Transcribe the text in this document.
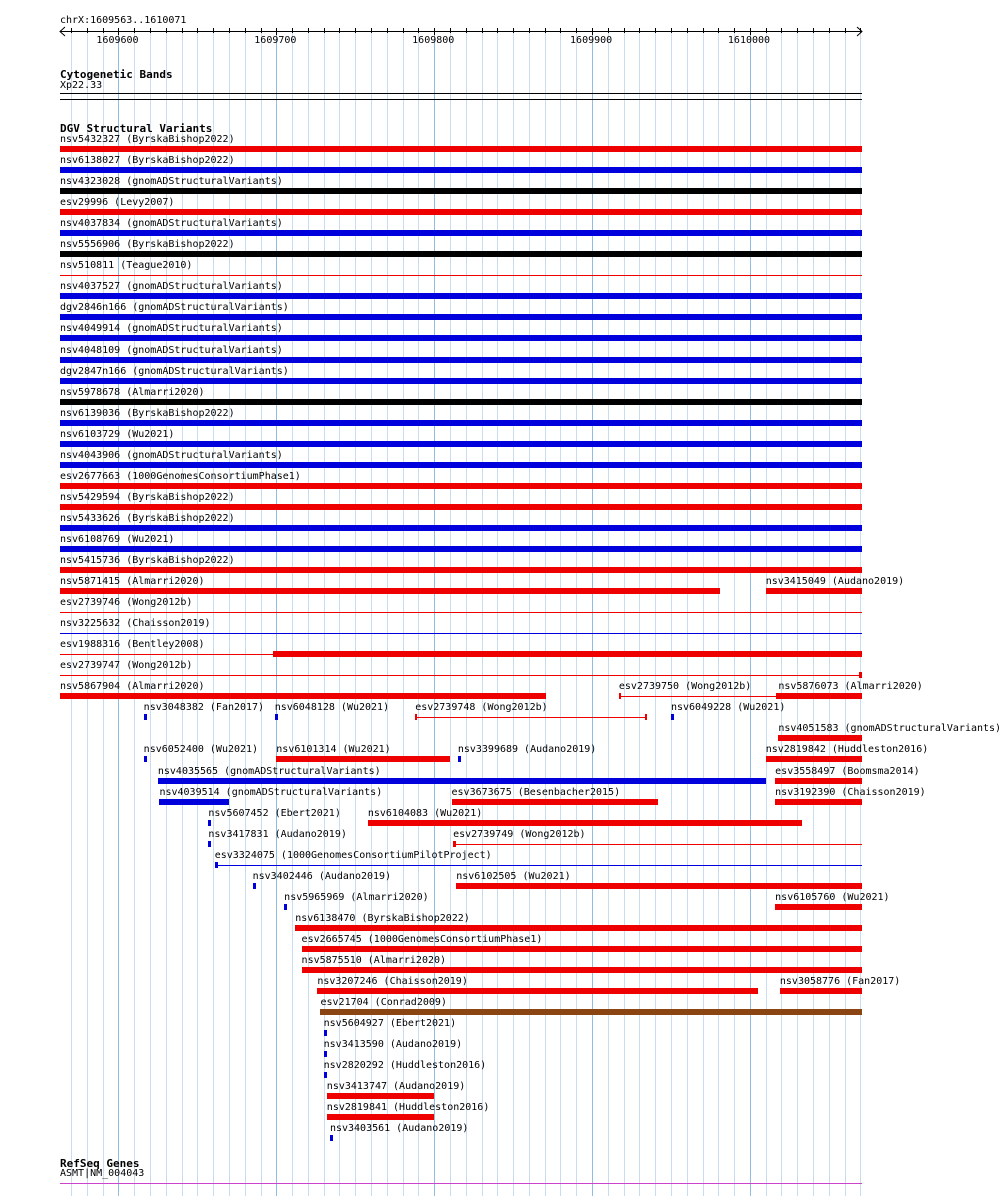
chrX:1609563..1610071
1609600	1609700	1609800	1609900	1610000
Cytogenetic Bands
Xp22.33
DGV Structural Variants
nsv5432327 (ByrskaBishop2022)
nsv6138027 (ByrskaBishop2022)
nsv4323028 (gnomADStructuralVariants)
esv29996 (Levy2007)
nsv4037834 (gnomADStructuralVariants)
nsv5556906 (ByrskaBishop2022)
nsv510811 (Teague2010)
nsv4037527 (gnomADStructuralVariants)
dgv2846n166 (gnomADStructuralVariants)
nsv4049914 (gnomADStructuralVariants)
nsv4048109 (gnomADStructuralVariants)
dgv2847n166 (gnomADStructuralVariants)
nsv5978678 (Almarri2020)
nsv6139036 (ByrskaBishop2022)
nsv6103729 (Wu2021)
nsv4043906 (gnomADStructuralVariants)
esv2677663 (1000GenomesConsortiumPhase1)
nsv5429594 (ByrskaBishop2022)
nsv5433626 (ByrskaBishop2022)
nsv6108769 (Wu2021)
nsv5415736 (ByrskaBishop2022)
nsv5871415 (Almarri2020)	nsv3415049 (Audano2019)
esv2739746 (Wong2012b)
nsv3225632 (Chaisson2019)
esv1988316 (Bentley2008)
esv2739747 (Wong2012b)
nsv5867904 (Almarri2020)	esv2739750 (Wong2012b)	nsv5876073 (Almarri2020)
nsv3048382 (Fan2017) nsv6048128 (Wu2021)	esv2739748 (Wong2012b)	nsv6049228 (Wu2021)
nsv4051583 (gnomADStructuralVariants)
nsv6052400 (Wu2021) nsv6101314 (Wu2021)	nsv3399689 (Audano2019)	nsv2819842 (Huddleston2016)
nsv4035565 (gnomADStructuralVariants)	esv3558497 (Boomsma2014)
nsv4039514 (gnomADStructuralVariants)	esv3673675 (Besenbacher2015)	nsv3192390 (Chaisson2019)
nsv5607452 (Ebert2021)	nsv6104083 (Wu2021)
nsv3417831 (Audano2019)	esv2739749 (Wong2012b)
esv3324075 (1000GenomesConsortiumPilotProject)
nsv3402446 (Audano2019)	nsv6102505 (Wu2021)
nsv5965969 (Almarri2020)	nsv6105760 (Wu2021)
nsv6138470 (ByrskaBishop2022)
esv2665745 (1000GenomesConsortiumPhase1)
nsv5875510 (Almarri2020)
nsv3207246 (Chaisson2019)	nsv3058776 (Fan2017)
esv21704 (Conrad2009)
nsv5604927 (Ebert2021)
nsv3413590 (Audano2019)
nsv2820292 (Huddleston2016)
nsv3413747 (Audano2019)
nsv2819841 (Huddleston2016)
nsv3403561 (Audano2019)
RefSeq Genes
ASMT|NM_004043
